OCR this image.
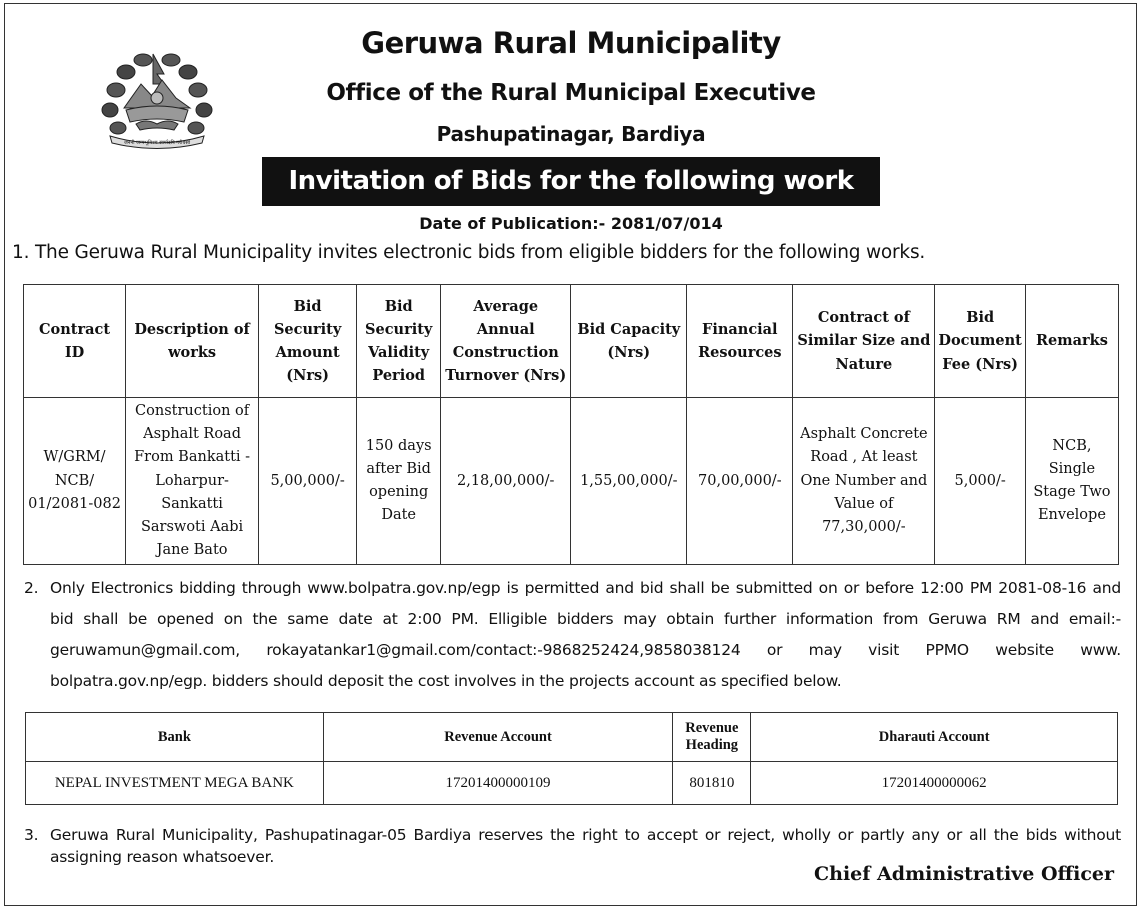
जननी जन्मभूमिश्च स्वर्गादपि गरीयसी
Geruwa Rural Municipality
Office of the Rural Municipal Executive
Pashupatinagar, Bardiya
Invitation of Bids for the following work
Date of Publication:- 2081/07/014
1. The Geruwa Rural Municipality invites electronic bids from eligible bidders for the following works.
Contract ID	Description of works	Bid Security Amount (Nrs)	Bid Security Validity Period	Average Annual Construction Turnover (Nrs)	Bid Capacity (Nrs)	Financial Resources	Contract of Similar Size and Nature	Bid Document Fee (Nrs)	Remarks
W/GRM/ NCB/ 01/2081-082	Construction of Asphalt Road From Bankatti - Loharpur- Sankatti Sarswoti Aabi Jane Bato	5,00,000/-	150 days after Bid opening Date	2,18,00,000/-	1,55,00,000/-	70,00,000/-	Asphalt Concrete Road , At least One Number and Value of 77,30,000/-	5,000/-	NCB, Single Stage Two Envelope
2. Only Electronics bidding through www.bolpatra.gov.np/egp is permitted and bid shall be submitted on or before 12:00 PM 2081-08-16 and bid shall be opened on the same date at 2:00 PM. Elligible bidders may obtain further information from Geruwa RM and email:- geruwamun@gmail.com, rokayatankar1@gmail.com/contact:-9868252424,9858038124 or may visit PPMO website www. bolpatra.gov.np/egp. bidders should deposit the cost involves in the projects account as specified below.
Bank	Revenue Account	Revenue Heading	Dharauti Account
NEPAL INVESTMENT MEGA BANK	17201400000109	801810	17201400000062
3. Geruwa Rural Municipality, Pashupatinagar-05 Bardiya reserves the right to accept or reject, wholly or partly any or all the bids without assigning reason whatsoever.
Chief Administrative Officer
